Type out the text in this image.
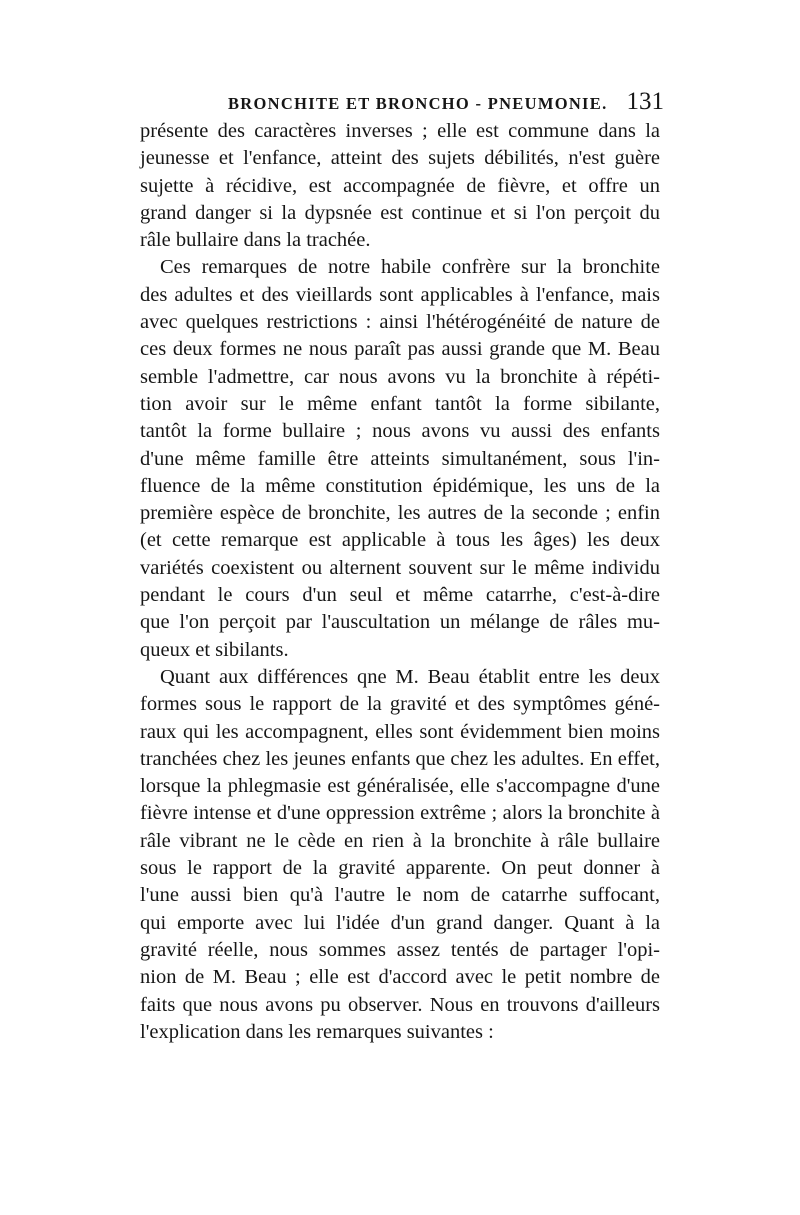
BRONCHITE ET BRONCHO - PNEUMONIE. 131
présente des caractères inverses ; elle est commune dans la
jeunesse et l'enfance, atteint des sujets débilités, n'est guère
sujette à récidive, est accompagnée de fièvre, et offre un
grand danger si la dypsnée est continue et si l'on perçoit du
râle bullaire dans la trachée.
Ces remarques de notre habile confrère sur la bronchite
des adultes et des vieillards sont applicables à l'enfance, mais
avec quelques restrictions : ainsi l'hétérogénéité de nature de
ces deux formes ne nous paraît pas aussi grande que M. Beau
semble l'admettre, car nous avons vu la bronchite à répéti-
tion avoir sur le même enfant tantôt la forme sibilante,
tantôt la forme bullaire ; nous avons vu aussi des enfants
d'une même famille être atteints simultanément, sous l'in-
fluence de la même constitution épidémique, les uns de la
première espèce de bronchite, les autres de la seconde ; enfin
(et cette remarque est applicable à tous les âges) les deux
variétés coexistent ou alternent souvent sur le même individu
pendant le cours d'un seul et même catarrhe, c'est-à-dire
que l'on perçoit par l'auscultation un mélange de râles mu-
queux et sibilants.
Quant aux différences qne M. Beau établit entre les deux
formes sous le rapport de la gravité et des symptômes géné-
raux qui les accompagnent, elles sont évidemment bien moins
tranchées chez les jeunes enfants que chez les adultes. En effet,
lorsque la phlegmasie est généralisée, elle s'accompagne d'une
fièvre intense et d'une oppression extrême ; alors la bronchite à
râle vibrant ne le cède en rien à la bronchite à râle bullaire
sous le rapport de la gravité apparente. On peut donner à
l'une aussi bien qu'à l'autre le nom de catarrhe suffocant,
qui emporte avec lui l'idée d'un grand danger. Quant à la
gravité réelle, nous sommes assez tentés de partager l'opi-
nion de M. Beau ; elle est d'accord avec le petit nombre de
faits que nous avons pu observer. Nous en trouvons d'ailleurs
l'explication dans les remarques suivantes :
